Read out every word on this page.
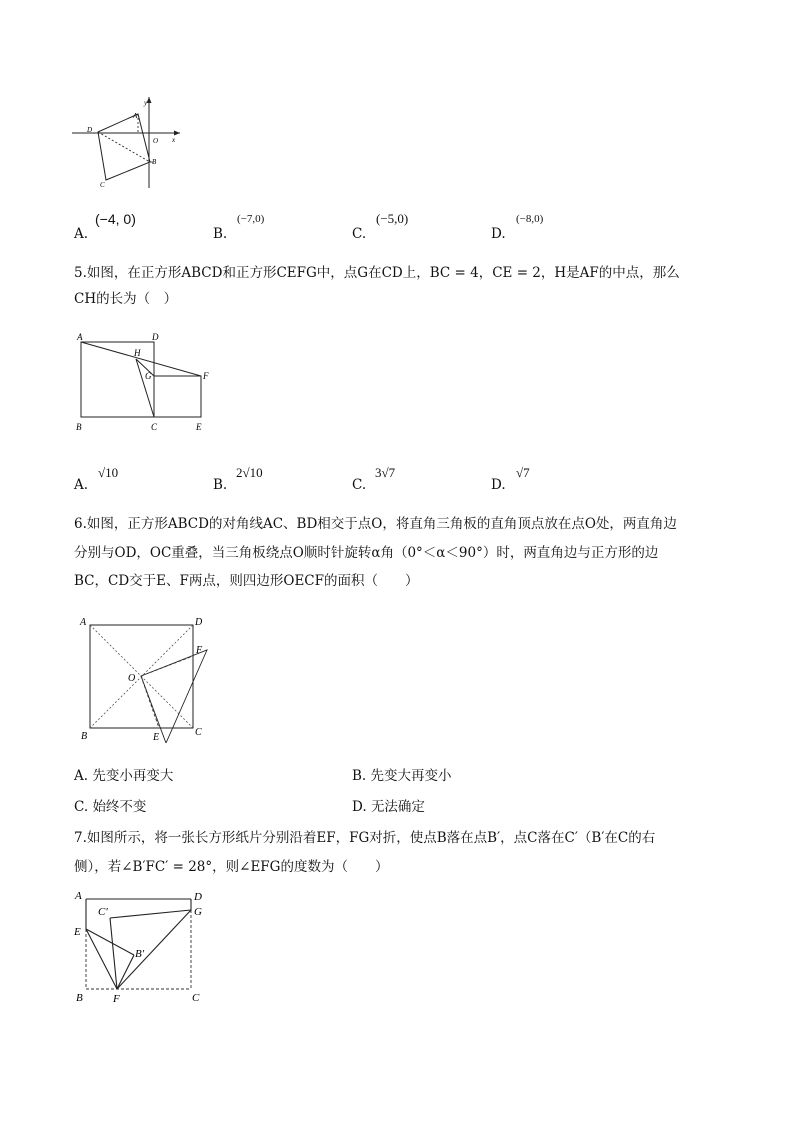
y
x
A
D
O
B
C
A.
(−4, 0)
B.
(−7,0)
C.
(−5,0)
D.
(−8,0)
5.如图，在正方形ABCD和正方形CEFG中，点G在CD上，BC = 4，CE = 2，H是AF的中点，那么
CH的长为（　）
A	D
H
G	F
B	C	E
A.
√10
B.
2√10
C.
3√7
D.
√7
6.如图，正方形ABCD的对角线AC、BD相交于点O，将直角三角板的直角顶点放在点O处，两直角边
分别与OD，OC重叠，当三角板绕点O顺时针旋转α角（0°＜α＜90°）时，两直角边与正方形的边
BC，CD交于E、F两点，则四边形OECF的面积（　　）
A	D
F
O
B	E	C
A. 先变小再变大	B. 先变大再变小
C. 始终不变	D. 无法确定
7.如图所示，将一张长方形纸片分别沿着EF，FG对折，使点B落在点B′，点C落在C′（B′在C的右
侧），若∠B′FC′ = 28°，则∠EFG的度数为（　　）
A	D
C′	G
E
B′
B	F	C
